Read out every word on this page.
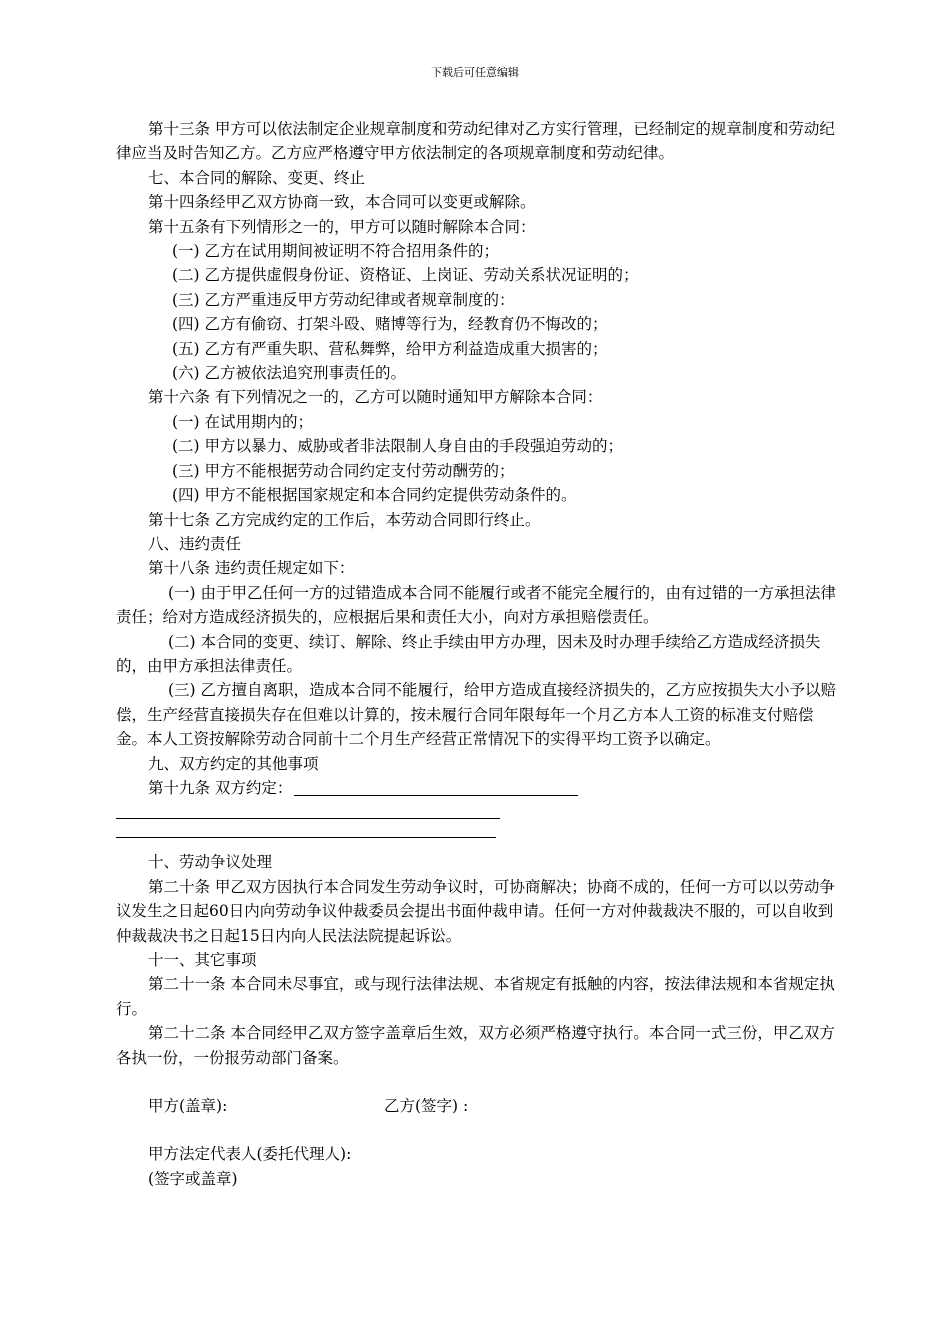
下载后可任意编辑

第十三条 甲方可以依法制定企业规章制度和劳动纪律对乙方实行管理，已经制定的规章制度和劳动纪律应当及时告知乙方。乙方应严格遵守甲方依法制定的各项规章制度和劳动纪律。

七、本合同的解除、变更、终止

第十四条经甲乙双方协商一致，本合同可以变更或解除。

第十五条有下列情形之一的，甲方可以随时解除本合同：

(一) 乙方在试用期间被证明不符合招用条件的；

(二) 乙方提供虚假身份证、资格证、上岗证、劳动关系状况证明的；

(三) 乙方严重违反甲方劳动纪律或者规章制度的：

(四) 乙方有偷窃、打架斗殴、赌博等行为，经教育仍不悔改的；

(五) 乙方有严重失职、营私舞弊，给甲方利益造成重大损害的；

(六) 乙方被依法追究刑事责任的。

第十六条 有下列情况之一的，乙方可以随时通知甲方解除本合同：

(一) 在试用期内的；

(二) 甲方以暴力、威胁或者非法限制人身自由的手段强迫劳动的；

(三) 甲方不能根据劳动合同约定支付劳动酬劳的；

(四) 甲方不能根据国家规定和本合同约定提供劳动条件的。

第十七条 乙方完成约定的工作后，本劳动合同即行终止。

八、违约责任

第十八条 违约责任规定如下：

(一) 由于甲乙任何一方的过错造成本合同不能履行或者不能完全履行的，由有过错的一方承担法律责任；给对方造成经济损失的，应根据后果和责任大小，向对方承担赔偿责任。

(二) 本合同的变更、续订、解除、终止手续由甲方办理，因未及时办理手续给乙方造成经济损失的，由甲方承担法律责任。

(三) 乙方擅自离职，造成本合同不能履行，给甲方造成直接经济损失的，乙方应按损失大小予以赔偿，生产经营直接损失存在但难以计算的，按未履行合同年限每年一个月乙方本人工资的标准支付赔偿金。本人工资按解除劳动合同前十二个月生产经营正常情况下的实得平均工资予以确定。

九、双方约定的其他事项

第十九条 双方约定：

十、劳动争议处理

第二十条 甲乙双方因执行本合同发生劳动争议时，可协商解决；协商不成的，任何一方可以以劳动争议发生之日起60日内向劳动争议仲裁委员会提出书面仲裁申请。任何一方对仲裁裁决不服的，可以自收到仲裁裁决书之日起15日内向人民法法院提起诉讼。

十一、其它事项

第二十一条 本合同未尽事宜，或与现行法律法规、本省规定有抵触的内容，按法律法规和本省规定执行。

第二十二条 本合同经甲乙双方签字盖章后生效，双方必须严格遵守执行。本合同一式三份，甲乙双方各执一份，一份报劳动部门备案。

甲方(盖章):	乙方(签字) :

甲方法定代表人(委托代理人):

(签字或盖章)
